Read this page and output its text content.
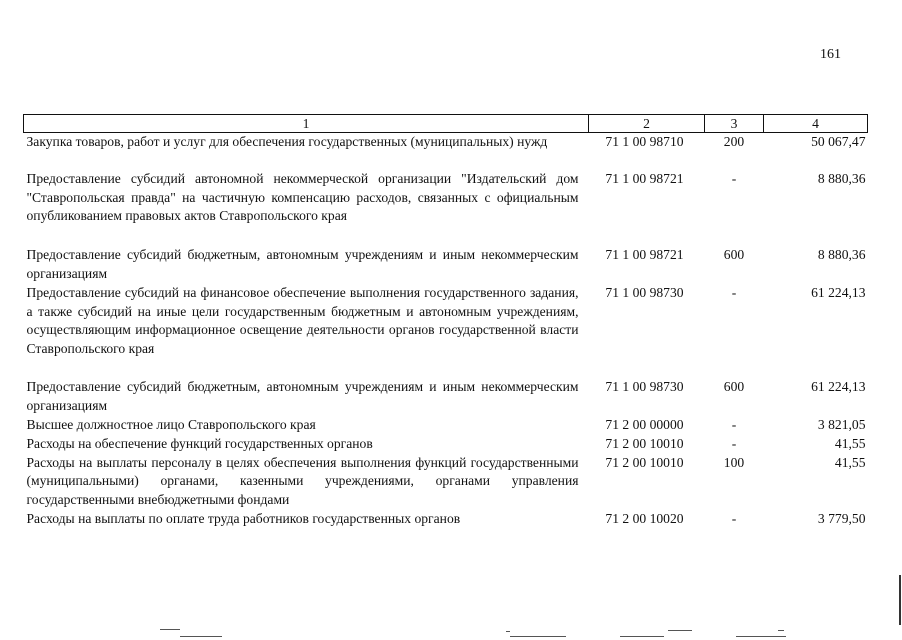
161
1	2	3	4
Закупка товаров, работ и услуг для обеспечения государственных (муниципальных) нужд	71 1 00 98710	200	50 067,47
Предоставление субсидий автономной некоммерческой организации "Издательский дом "Ставропольская правда" на частичную компенсацию расходов, связанных с официальным опубликованием правовых актов Ставропольского края	71 1 00 98721	-	8 880,36
Предоставление субсидий бюджетным, автономным учреждениям и иным некоммерческим организациям	71 1 00 98721	600	8 880,36
Предоставление субсидий на финансовое обеспечение выполнения государственного задания, а также субсидий на иные цели государственным бюджетным и автономным учреждениям, осуществляющим информационное освещение деятельности органов государственной власти Ставропольского края	71 1 00 98730	-	61 224,13
Предоставление субсидий бюджетным, автономным учреждениям и иным некоммерческим организациям	71 1 00 98730	600	61 224,13
Высшее должностное лицо Ставропольского края	71 2 00 00000	-	3 821,05
Расходы на обеспечение функций государственных органов	71 2 00 10010	-	41,55
Расходы на выплаты персоналу в целях обеспечения выполнения функций государственными (муниципальными) органами, казенными учреждениями, органами управления государственными внебюджетными фондами	71 2 00 10010	100	41,55
Расходы на выплаты по оплате труда работников государственных органов	71 2 00 10020	-	3 779,50
